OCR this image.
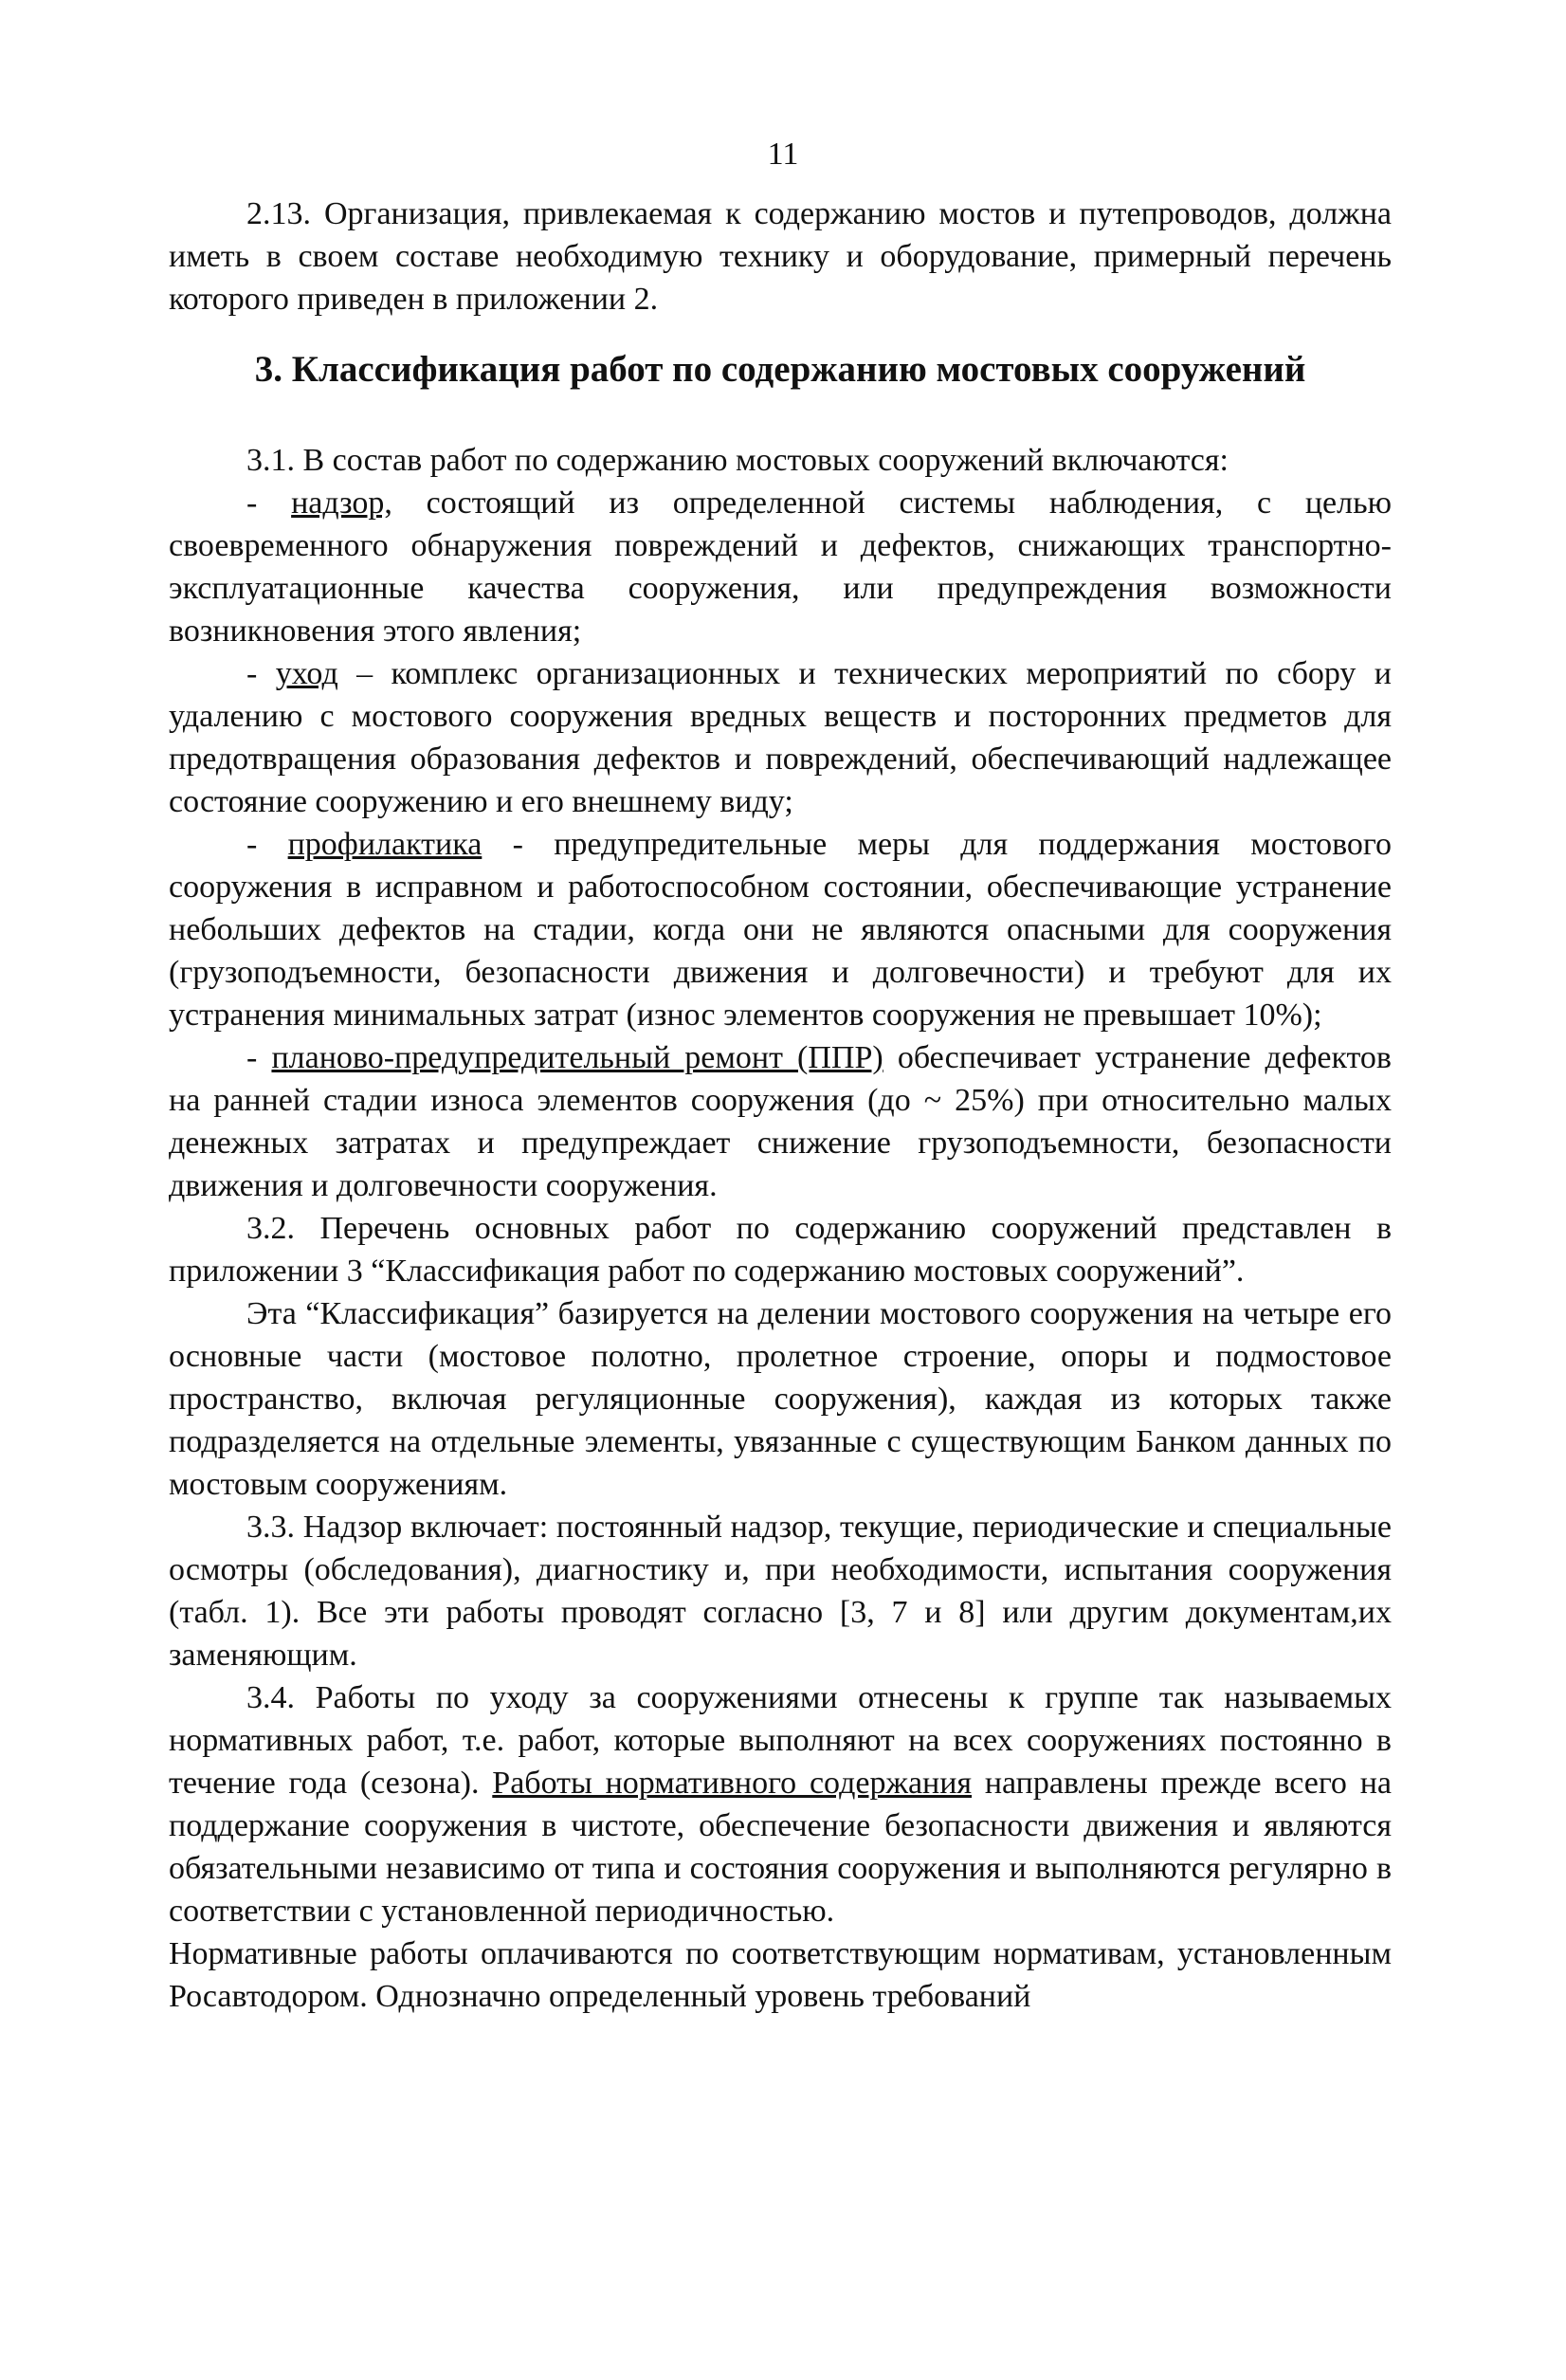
11

2.13. Организация, привлекаемая к содержанию мостов и путепроводов, должна иметь в своем составе необходимую технику и оборудование, примерный перечень которого приведен в приложении 2.

3. Классификация работ по содержанию мостовых сооружений

3.1. В состав работ по содержанию мостовых сооружений включаются:

- надзор, состоящий из определенной системы наблюдения, с целью своевременного обнаружения повреждений и дефектов, снижающих транспортно-эксплуатационные качества сооружения, или предупреждения возможности возникновения этого явления;

- уход – комплекс организационных и технических мероприятий по сбору и удалению с мостового сооружения вредных веществ и посторонних предметов для предотвращения образования дефектов и повреждений, обеспечивающий надлежащее состояние сооружению и его внешнему виду;

- профилактика - предупредительные меры для поддержания мостового сооружения в исправном и работоспособном состоянии, обеспечивающие устранение небольших дефектов на стадии, когда они не являются опасными для сооружения (грузоподъемности, безопасности движения и долговечности) и требуют для их устранения минимальных затрат (износ элементов сооружения не превышает 10%);

- планово-предупредительный ремонт (ППР) обеспечивает устранение дефектов на ранней стадии износа элементов сооружения (до ~ 25%) при относительно малых денежных затратах и предупреждает снижение грузоподъемности, безопасности движения и долговечности сооружения.

3.2. Перечень основных работ по содержанию сооружений представлен в приложении 3 “Классификация работ по содержанию мостовых сооружений”.

Эта “Классификация” базируется на делении мостового сооружения на четыре его основные части (мостовое полотно, пролетное строение, опоры и подмостовое пространство, включая регуляционные сооружения), каждая из которых также подразделяется на отдельные элементы, увязанные с существующим Банком данных по мостовым сооружениям.

3.3. Надзор включает: постоянный надзор, текущие, периодические и специальные осмотры (обследования), диагностику и, при необходимости, испытания сооружения (табл. 1). Все эти работы проводят согласно [3, 7 и 8] или другим документам,их заменяющим.

3.4. Работы по уходу за сооружениями отнесены к группе так называемых нормативных работ, т.е. работ, которые выполняют на всех сооружениях постоянно в течение года (сезона). Работы нормативного содержания направлены прежде всего на поддержание сооружения в чистоте, обеспечение безопасности движения и являются обязательными независимо от типа и состояния сооружения и выполняются регулярно в соответствии с установленной периодичностью.

Нормативные работы оплачиваются по соответствующим нормативам, установленным Росавтодором. Однозначно определенный уровень требований
